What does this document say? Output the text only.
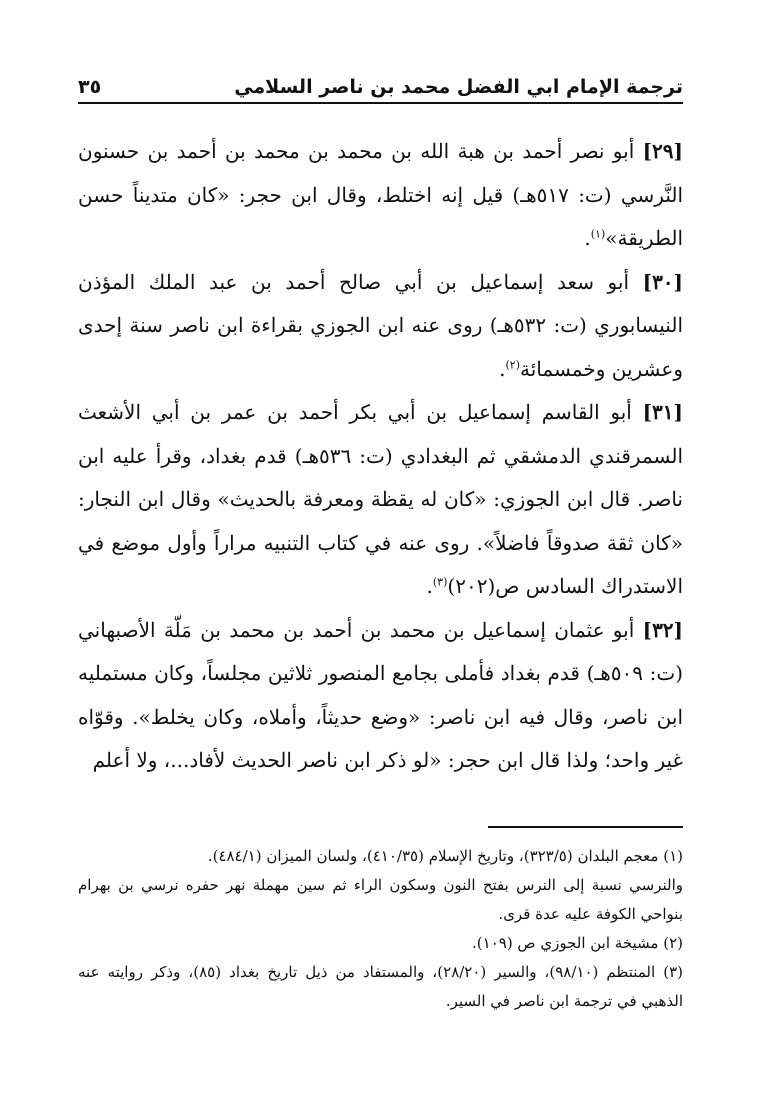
ترجمة الإمام ابي الفضل محمد بن ناصر السلامي
٣٥

[٢٩] أبو نصر أحمد بن هبة الله بن محمد بن محمد بن أحمد بن حسنون النَّرسي (ت: ٥١٧هـ) قيل إنه اختلط، وقال ابن حجر: «كان متديناً حسن الطريقة»$^{(١)}$.

[٣٠] أبو سعد إسماعيل بن أبي صالح أحمد بن عبد الملك المؤذن النيسابوري (ت: ٥٣٢هـ) روى عنه ابن الجوزي بقراءة ابن ناصر سنة إحدى وعشرين وخمسمائة$^{(٢)}$.

[٣١] أبو القاسم إسماعيل بن أبي بكر أحمد بن عمر بن أبي الأشعث السمرقندي الدمشقي ثم البغدادي (ت: ٥٣٦هـ) قدم بغداد، وقرأ عليه ابن ناصر. قال ابن الجوزي: «كان له يقظة ومعرفة بالحديث» وقال ابن النجار: «كان ثقة صدوقاً فاضلاً». روى عنه في كتاب التنبيه مراراً وأول موضع في الاستدراك السادس ص(٢٠٢)$^{(٣)}$.

[٣٢] أبو عثمان إسماعيل بن محمد بن أحمد بن محمد بن مَلّة الأصبهاني (ت: ٥٠٩هـ) قدم بغداد فأملى بجامع المنصور ثلاثين مجلساً، وكان مستمليه ابن ناصر، وقال فيه ابن ناصر: «وضع حديثاً، وأملاه، وكان يخلط». وقوّاه غير واحد؛ ولذا قال ابن حجر: «لو ذكر ابن ناصر الحديث لأفاد...، ولا أعلم

(١) معجم البلدان (٣٢٣/٥)، وتاريخ الإسلام (٤١٠/٣٥)، ولسان الميزان (٤٨٤/١).

والنرسي نسبة إلى النرس بفتح النون وسكون الراء ثم سين مهملة نهر حفره نرسي بن بهرام بنواحي الكوفة عليه عدة قرى.

(٢) مشيخة ابن الجوزي ص (١٠٩).

(٣) المنتظم (٩٨/١٠)، والسير (٢٨/٢٠)، والمستفاد من ذيل تاريخ بغداد (٨٥)، وذكر روايته عنه الذهبي في ترجمة ابن ناصر في السير.
